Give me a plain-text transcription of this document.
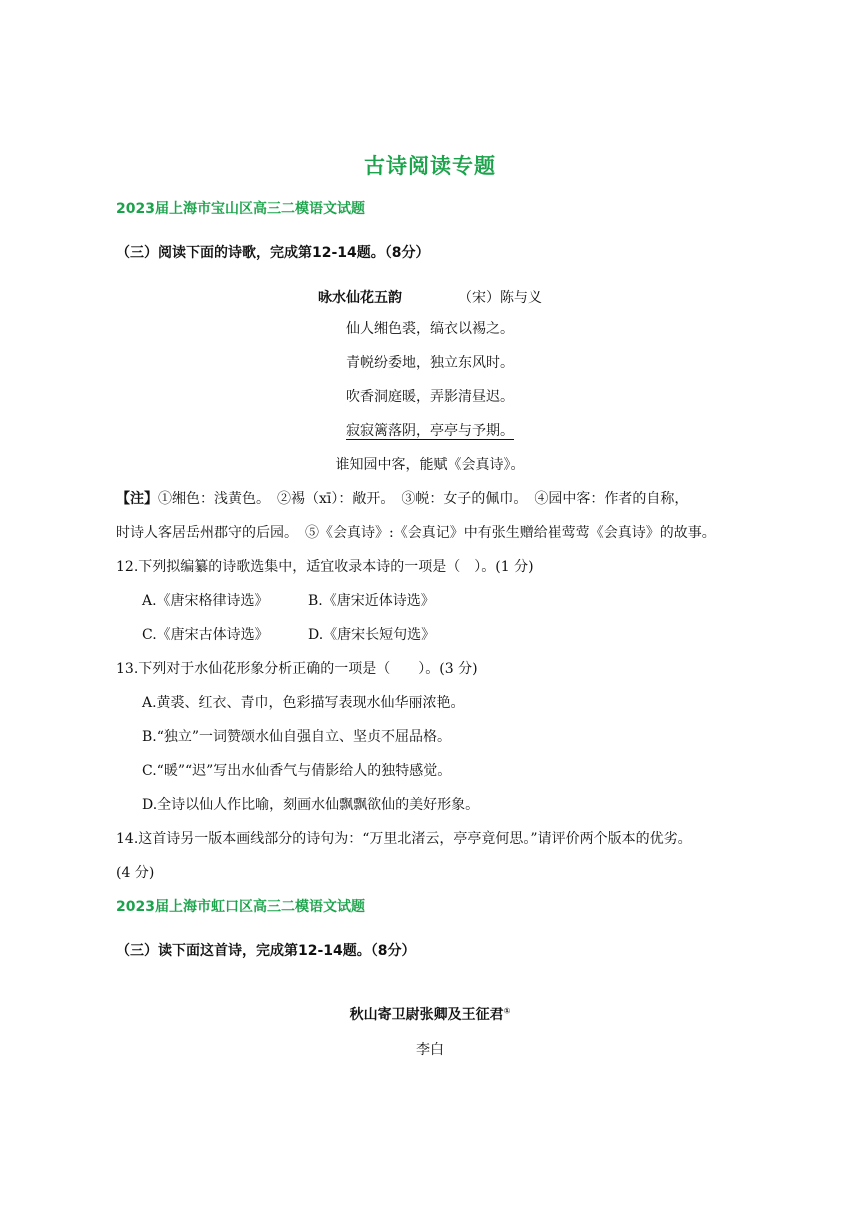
古诗阅读专题
2023届上海市宝山区高三二模语文试题
（三）阅读下面的诗歌，完成第12-14题。（8分）
咏水仙花五韵	（宋）陈与义
仙人缃色裘，缟衣以裼之。
青帨纷委地，独立东风时。
吹香洞庭暖，弄影清昼迟。
寂寂篱落阴，亭亭与予期。
谁知园中客，能赋《会真诗》。
【注】①缃色：浅黄色。　②裼（xī）：敞开。　③帨：女子的佩巾。　④园中客：作者的自称，
时诗人客居岳州郡守的后园。　⑤《会真诗》:《会真记》中有张生赠给崔莺莺《会真诗》的故事。
12.下列拟编纂的诗歌选集中，适宜收录本诗的一项是（　）。(1 分)
A.《唐宋格律诗选》	B.《唐宋近体诗选》
C.《唐宋古体诗选》	D.《唐宋长短句选》
13.下列对于水仙花形象分析正确的一项是（　　）。(3 分)
A.黄裘、红衣、青巾，色彩描写表现水仙华丽浓艳。
B.“独立”一词赞颂水仙自强自立、坚贞不屈品格。
C.“暖”“迟”写出水仙香气与倩影给人的独特感觉。
D.全诗以仙人作比喻，刻画水仙飘飘欲仙的美好形象。
14.这首诗另一版本画线部分的诗句为：“万里北渚云，亭亭竟何思。”请评价两个版本的优劣。
(4 分)
2023届上海市虹口区高三二模语文试题
（三）读下面这首诗，完成第12-14题。（8分）
秋山寄卫尉张卿及王征君①
李白
